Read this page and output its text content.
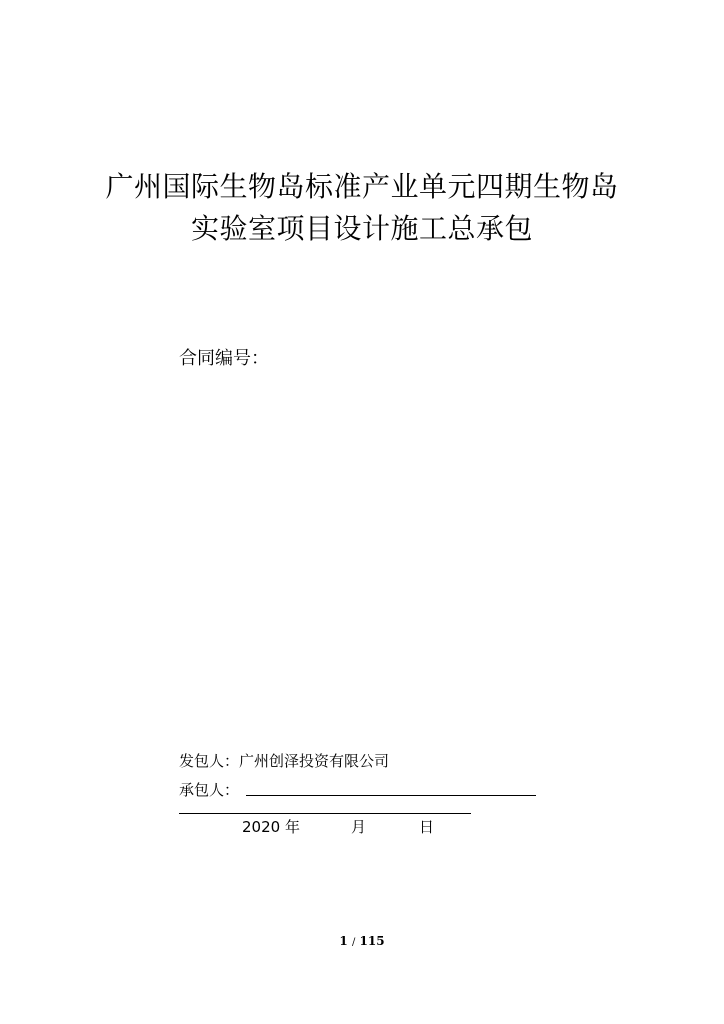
广州国际生物岛标准产业单元四期生物岛
实验室项目设计施工总承包
合同编号：
发包人：广州创泽投资有限公司
承包人：
2020 年	月	日
1 / 115
